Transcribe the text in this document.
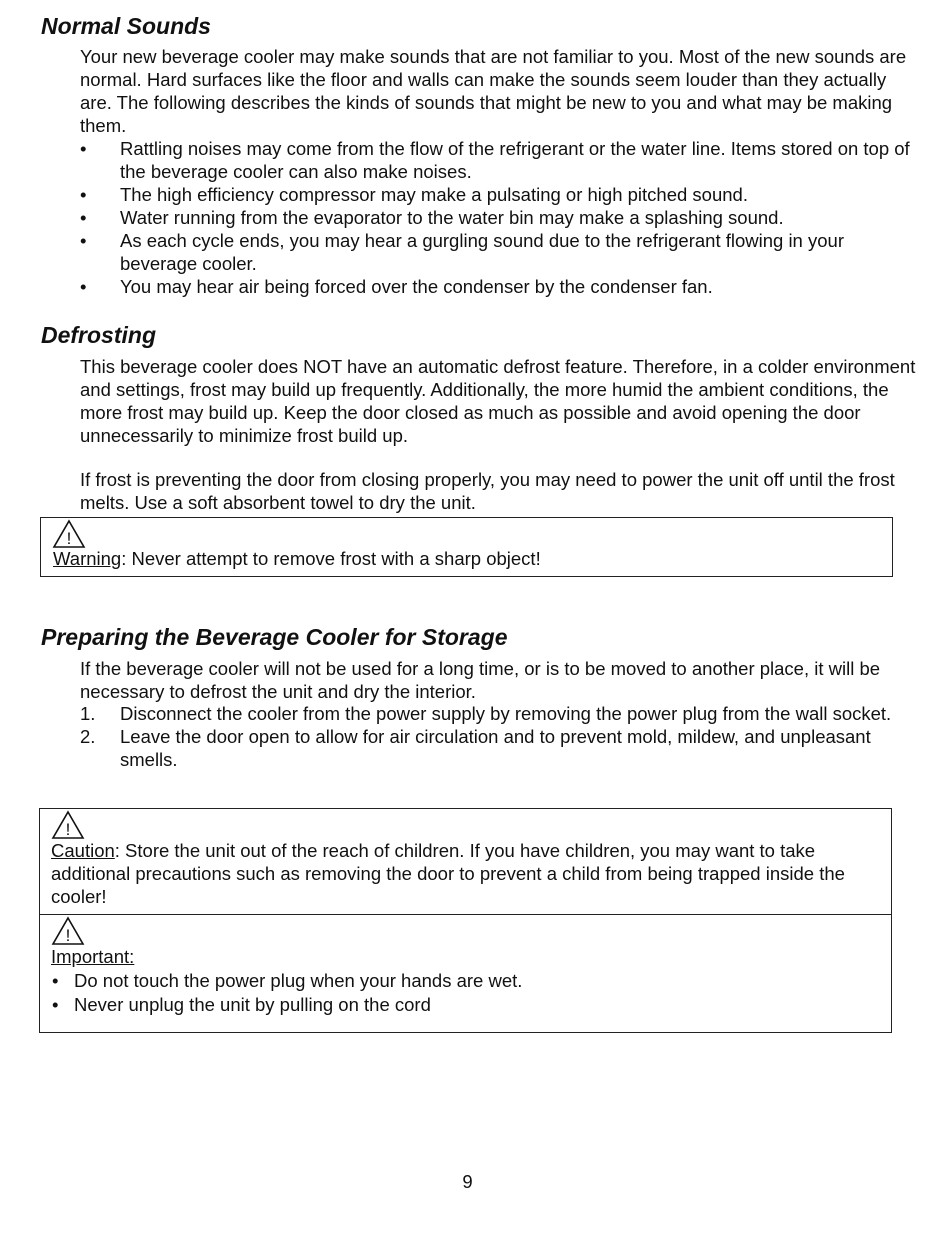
Normal Sounds

Your new beverage cooler may make sounds that are not familiar to you. Most of the new sounds are normal. Hard surfaces like the floor and walls can make the sounds seem louder than they actually are. The following describes the kinds of sounds that might be new to you and what may be making them.

•	Rattling noises may come from the flow of the refrigerant or the water line. Items stored on top of the beverage cooler can also make noises.
•	The high efficiency compressor may make a pulsating or high pitched sound.
•	Water running from the evaporator to the water bin may make a splashing sound.
•	As each cycle ends, you may hear a gurgling sound due to the refrigerant flowing in your beverage cooler.
•	You may hear air being forced over the condenser by the condenser fan.
Defrosting

This beverage cooler does NOT have an automatic defrost feature. Therefore, in a colder environment and settings, frost may build up frequently. Additionally, the more humid the ambient conditions, the more frost may build up. Keep the door closed as much as possible and avoid opening the door unnecessarily to minimize frost build up.

If frost is preventing the door from closing properly, you may need to power the unit off until the frost melts. Use a soft absorbent towel to dry the unit.

!

Warning: Never attempt to remove frost with a sharp object!

Preparing the Beverage Cooler for Storage

If the beverage cooler will not be used for a long time, or is to be moved to another place, it will be necessary to defrost the unit and dry the interior.

1.	Disconnect the cooler from the power supply by removing the power plug from the wall socket.
2.	Leave the door open to allow for air circulation and to prevent mold, mildew, and unpleasant smells.
!

Caution: Store the unit out of the reach of children. If you have children, you may want to take additional precautions such as removing the door to prevent a child from being trapped inside the cooler!

!

Important:

• Do not touch the power plug when your hands are wet.
• Never unplug the unit by pulling on the cord
9
